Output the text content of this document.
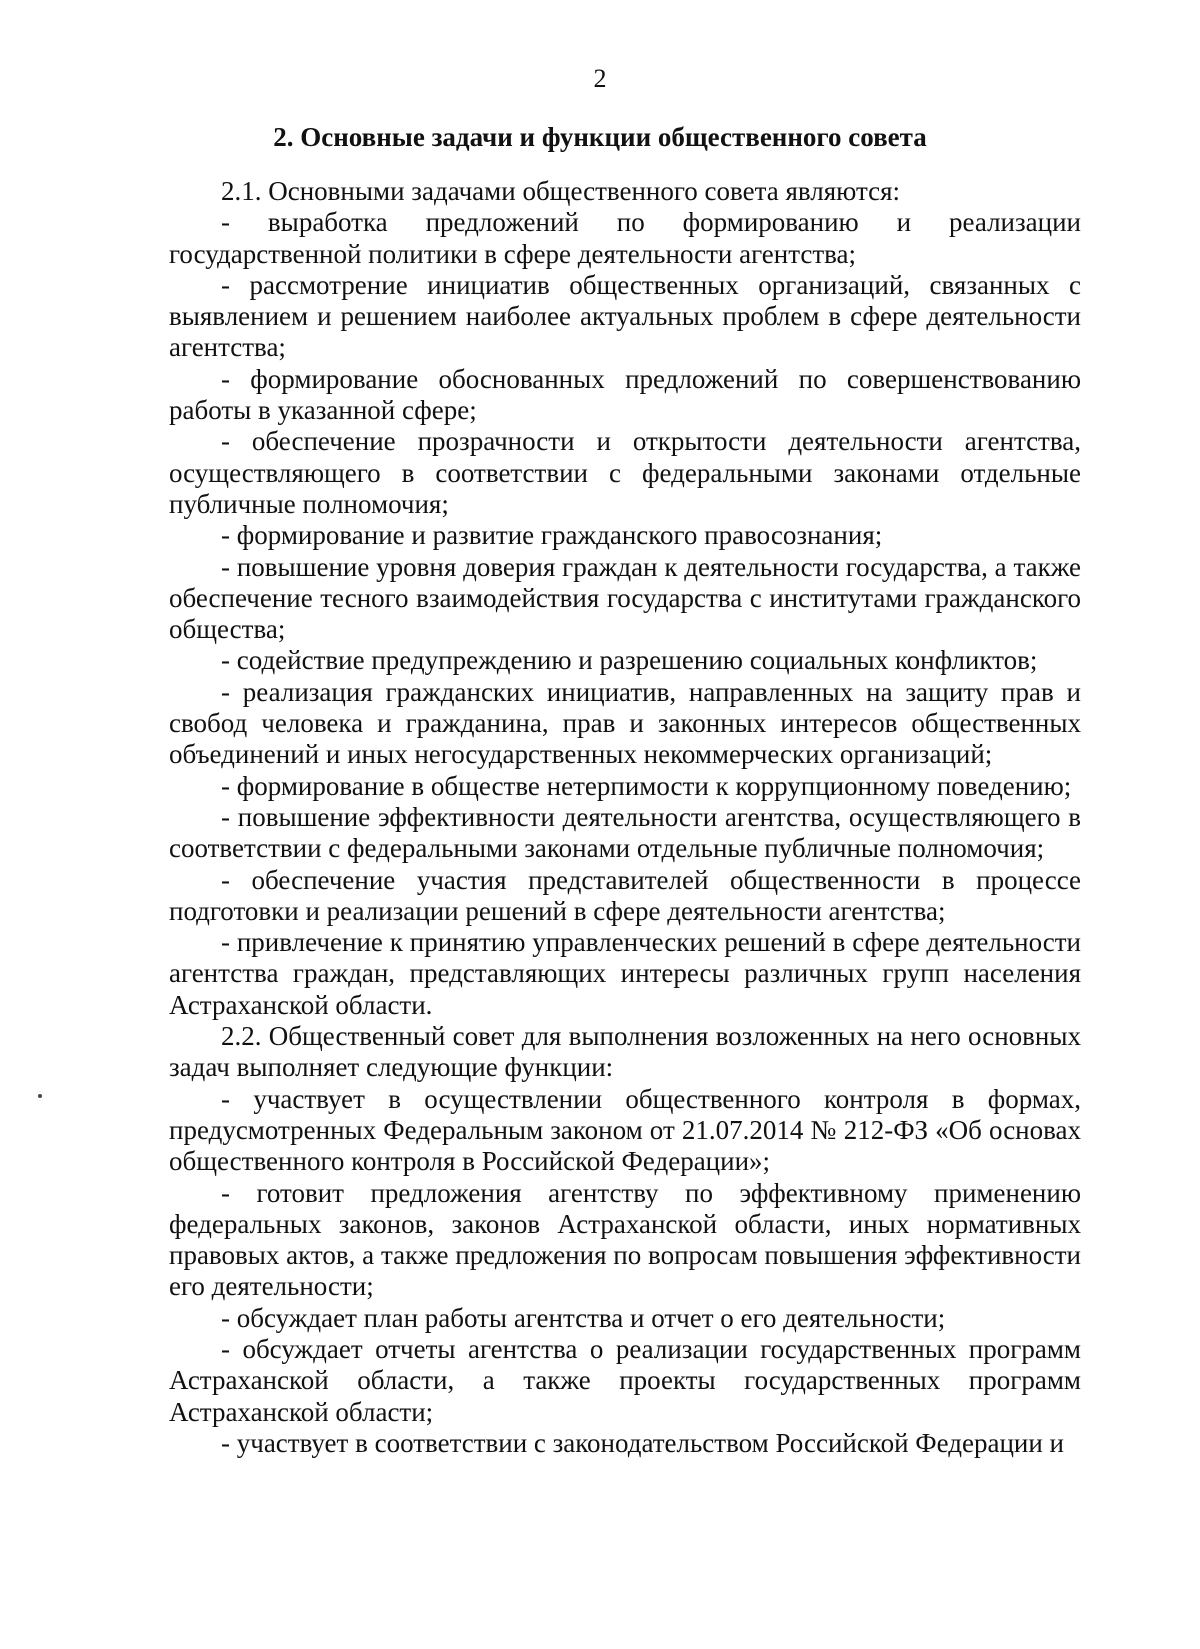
2
2. Основные задачи и функции общественного совета

2.1. Основными задачами общественного совета являются:

- выработка предложений по формированию и реализации государственной политики в сфере деятельности агентства;

- рассмотрение инициатив общественных организаций, связанных с выявлением и решением наиболее актуальных проблем в сфере деятельности агентства;

- формирование обоснованных предложений по совершенствованию работы в указанной сфере;

- обеспечение прозрачности и открытости деятельности агентства, осуществляющего в соответствии с федеральными законами отдельные публичные полномочия;

- формирование и развитие гражданского правосознания;

- повышение уровня доверия граждан к деятельности государства, а также обеспечение тесного взаимодействия государства с институтами гражданского общества;

- содействие предупреждению и разрешению социальных конфликтов;

- реализация гражданских инициатив, направленных на защиту прав и свобод человека и гражданина, прав и законных интересов общественных объединений и иных негосударственных некоммерческих организаций;

- формирование в обществе нетерпимости к коррупционному поведению;

- повышение эффективности деятельности агентства, осуществляющего в соответствии с федеральными законами отдельные публичные полномочия;

- обеспечение участия представителей общественности в процессе подготовки и реализации решений в сфере деятельности агентства;

- привлечение к принятию управленческих решений в сфере деятельности агентства граждан, представляющих интересы различных групп населения Астраханской области.

2.2. Общественный совет для выполнения возложенных на него основных задач выполняет следующие функции:

- участвует в осуществлении общественного контроля в формах, предусмотренных Федеральным законом от 21.07.2014 № 212-ФЗ «Об основах общественного контроля в Российской Федерации»;

- готовит предложения агентству по эффективному применению федеральных законов, законов Астраханской области, иных нормативных правовых актов, а также предложения по вопросам повышения эффективности его деятельности;

- обсуждает план работы агентства и отчет о его деятельности;

- обсуждает отчеты агентства о реализации государственных программ Астраханской области, а также проекты государственных программ Астраханской области;

- участвует в соответствии с законодательством Российской Федерации и
